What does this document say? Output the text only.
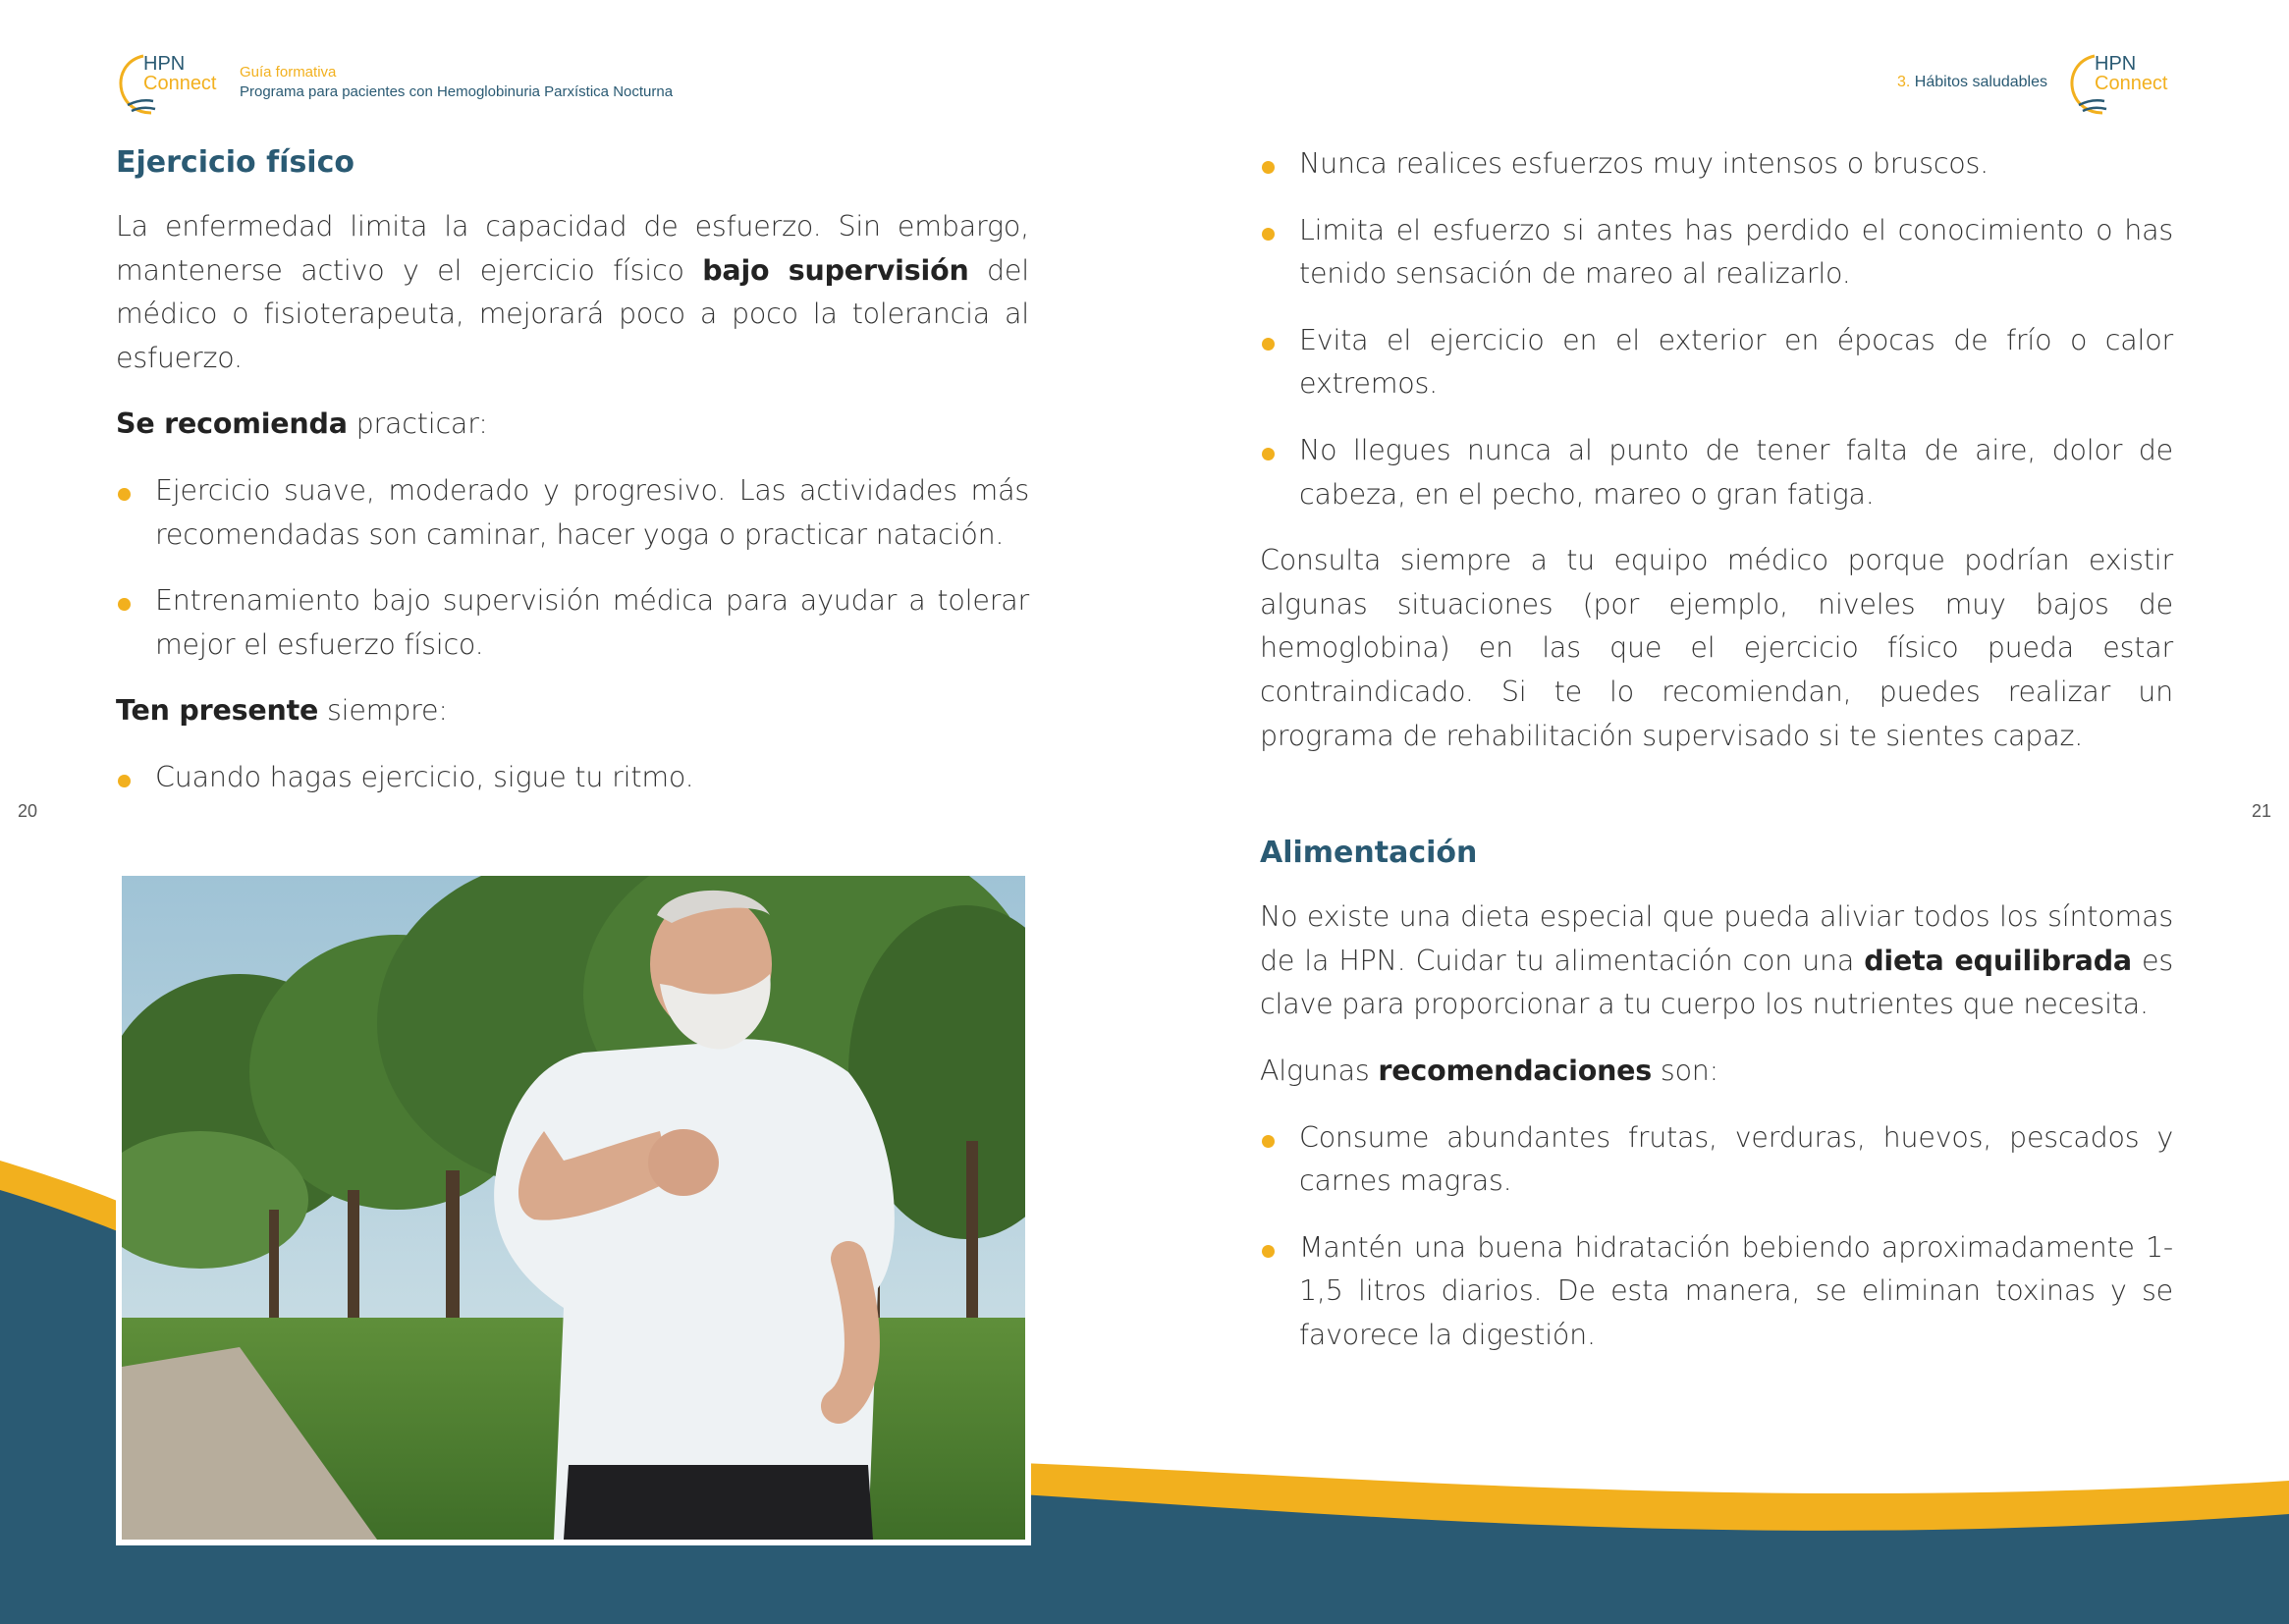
HPN
Connect
Guía formativa
Programa para pacientes con Hemoglobinuria Parxística Nocturna
3. Hábitos saludables
HPN
Connect
20	21
Ejercicio físico

La enfermedad limita la capacidad de esfuerzo. Sin embargo, mantenerse activo y el ejercicio físico bajo supervisión del médico o fisioterapeuta, mejorará poco a poco la tolerancia al esfuerzo.

Se recomienda practicar:

Ejercicio suave, moderado y progresivo. Las actividades más recomendadas son caminar, hacer yoga o practicar natación.
Entrenamiento bajo supervisión médica para ayudar a tolerar mejor el esfuerzo físico.

Ten presente siempre:

Cuando hagas ejercicio, sigue tu ritmo.
Nunca realices esfuerzos muy intensos o bruscos.
Limita el esfuerzo si antes has perdido el conocimiento o has tenido sensación de mareo al realizarlo.
Evita el ejercicio en el exterior en épocas de frío o calor extremos.
No llegues nunca al punto de tener falta de aire, dolor de cabeza, en el pecho, mareo o gran fatiga.

Consulta siempre a tu equipo médico porque podrían existir algunas situaciones (por ejemplo, niveles muy bajos de hemoglobina) en las que el ejercicio físico pueda estar contraindicado. Si te lo recomiendan, puedes realizar un programa de rehabilitación supervisado si te sientes capaz.

Alimentación

No existe una dieta especial que pueda aliviar todos los síntomas de la HPN. Cuidar tu alimentación con una dieta equilibrada es clave para proporcionar a tu cuerpo los nutrientes que necesita.

Algunas recomendaciones son:

Consume abundantes frutas, verduras, huevos, pescados y carnes magras.
Mantén una buena hidratación bebiendo aproximadamente 1-1,5 litros diarios. De esta manera, se eliminan toxinas y se favorece la digestión.
